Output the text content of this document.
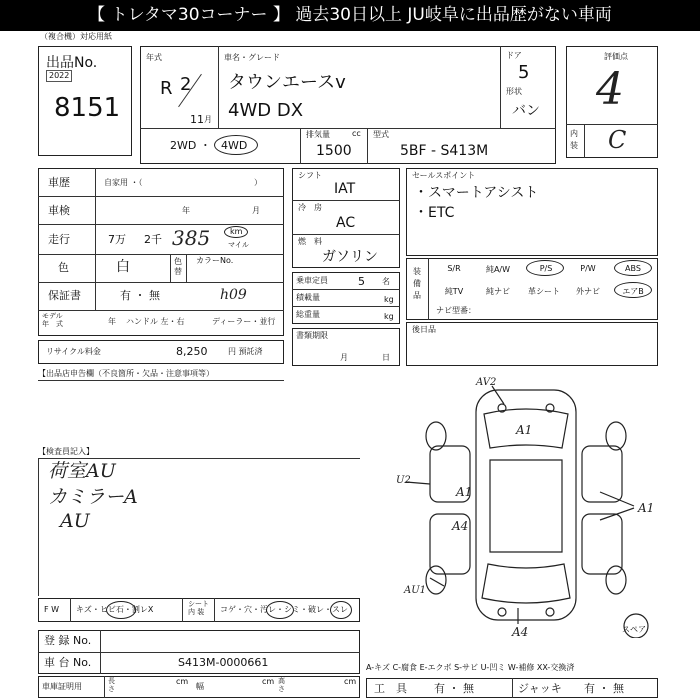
【 トレタマ30コーナー 】 過去30日以上 JU岐阜に出品歴がない車両
（複合機）対応用紙
出品No.
2022
8151
年式
R 2
11 月
車名・グレード
タウンエースv
4WD DX
ドア
5
形状
バン
2WD ・ 4WD
排気量	cc
1500
型式
5BF - S413M
評価点
4
内
装 C
車歴	自家用 ・（	）
車検	年	月
走行	7万 2千 385 km
マイル
色	白	色
替
カラーNo.
保証書	有 ・ 無	h09
モデル
年　式	年 ハンドル 左・右	ディーラー・並行
リサイクル料金	8,250	円 預託済
シフト
IAT
冷　房
AC
燃　料
ガソリン
乗車定員	5 名
積載量	kg
総重量	kg
書類期限
月	日
セールスポイント
・スマートアシスト
・ETC
装
備
品
S/R	純A/W	P/S	P/W	ABS
純TV	純ナビ	革シート	外ナビ	エアB
ナビ型番：
後日品
【出品店申告欄（不良箇所・欠品・注意事項等）
【検査員記入】
荷室AU
カミラーA
AU
AV2
A1
U2
A1
A4
A1
AU1
A4	スペア
F W キズ・ヒビ石・割レX
シート
内 装	コゲ・穴・汚レ・シミ・破レ・スレ
登 録 No.
車 台 No.	S413M-0000661
車庫証明用
長
さ
cm
幅
cm 高
さ
cm
A-キズ C-腐食 E-エクボ S-サビ U-凹ミ W-補修 XX-交換済
工　具 有 ・ 無	ジャッキ 有 ・ 無
